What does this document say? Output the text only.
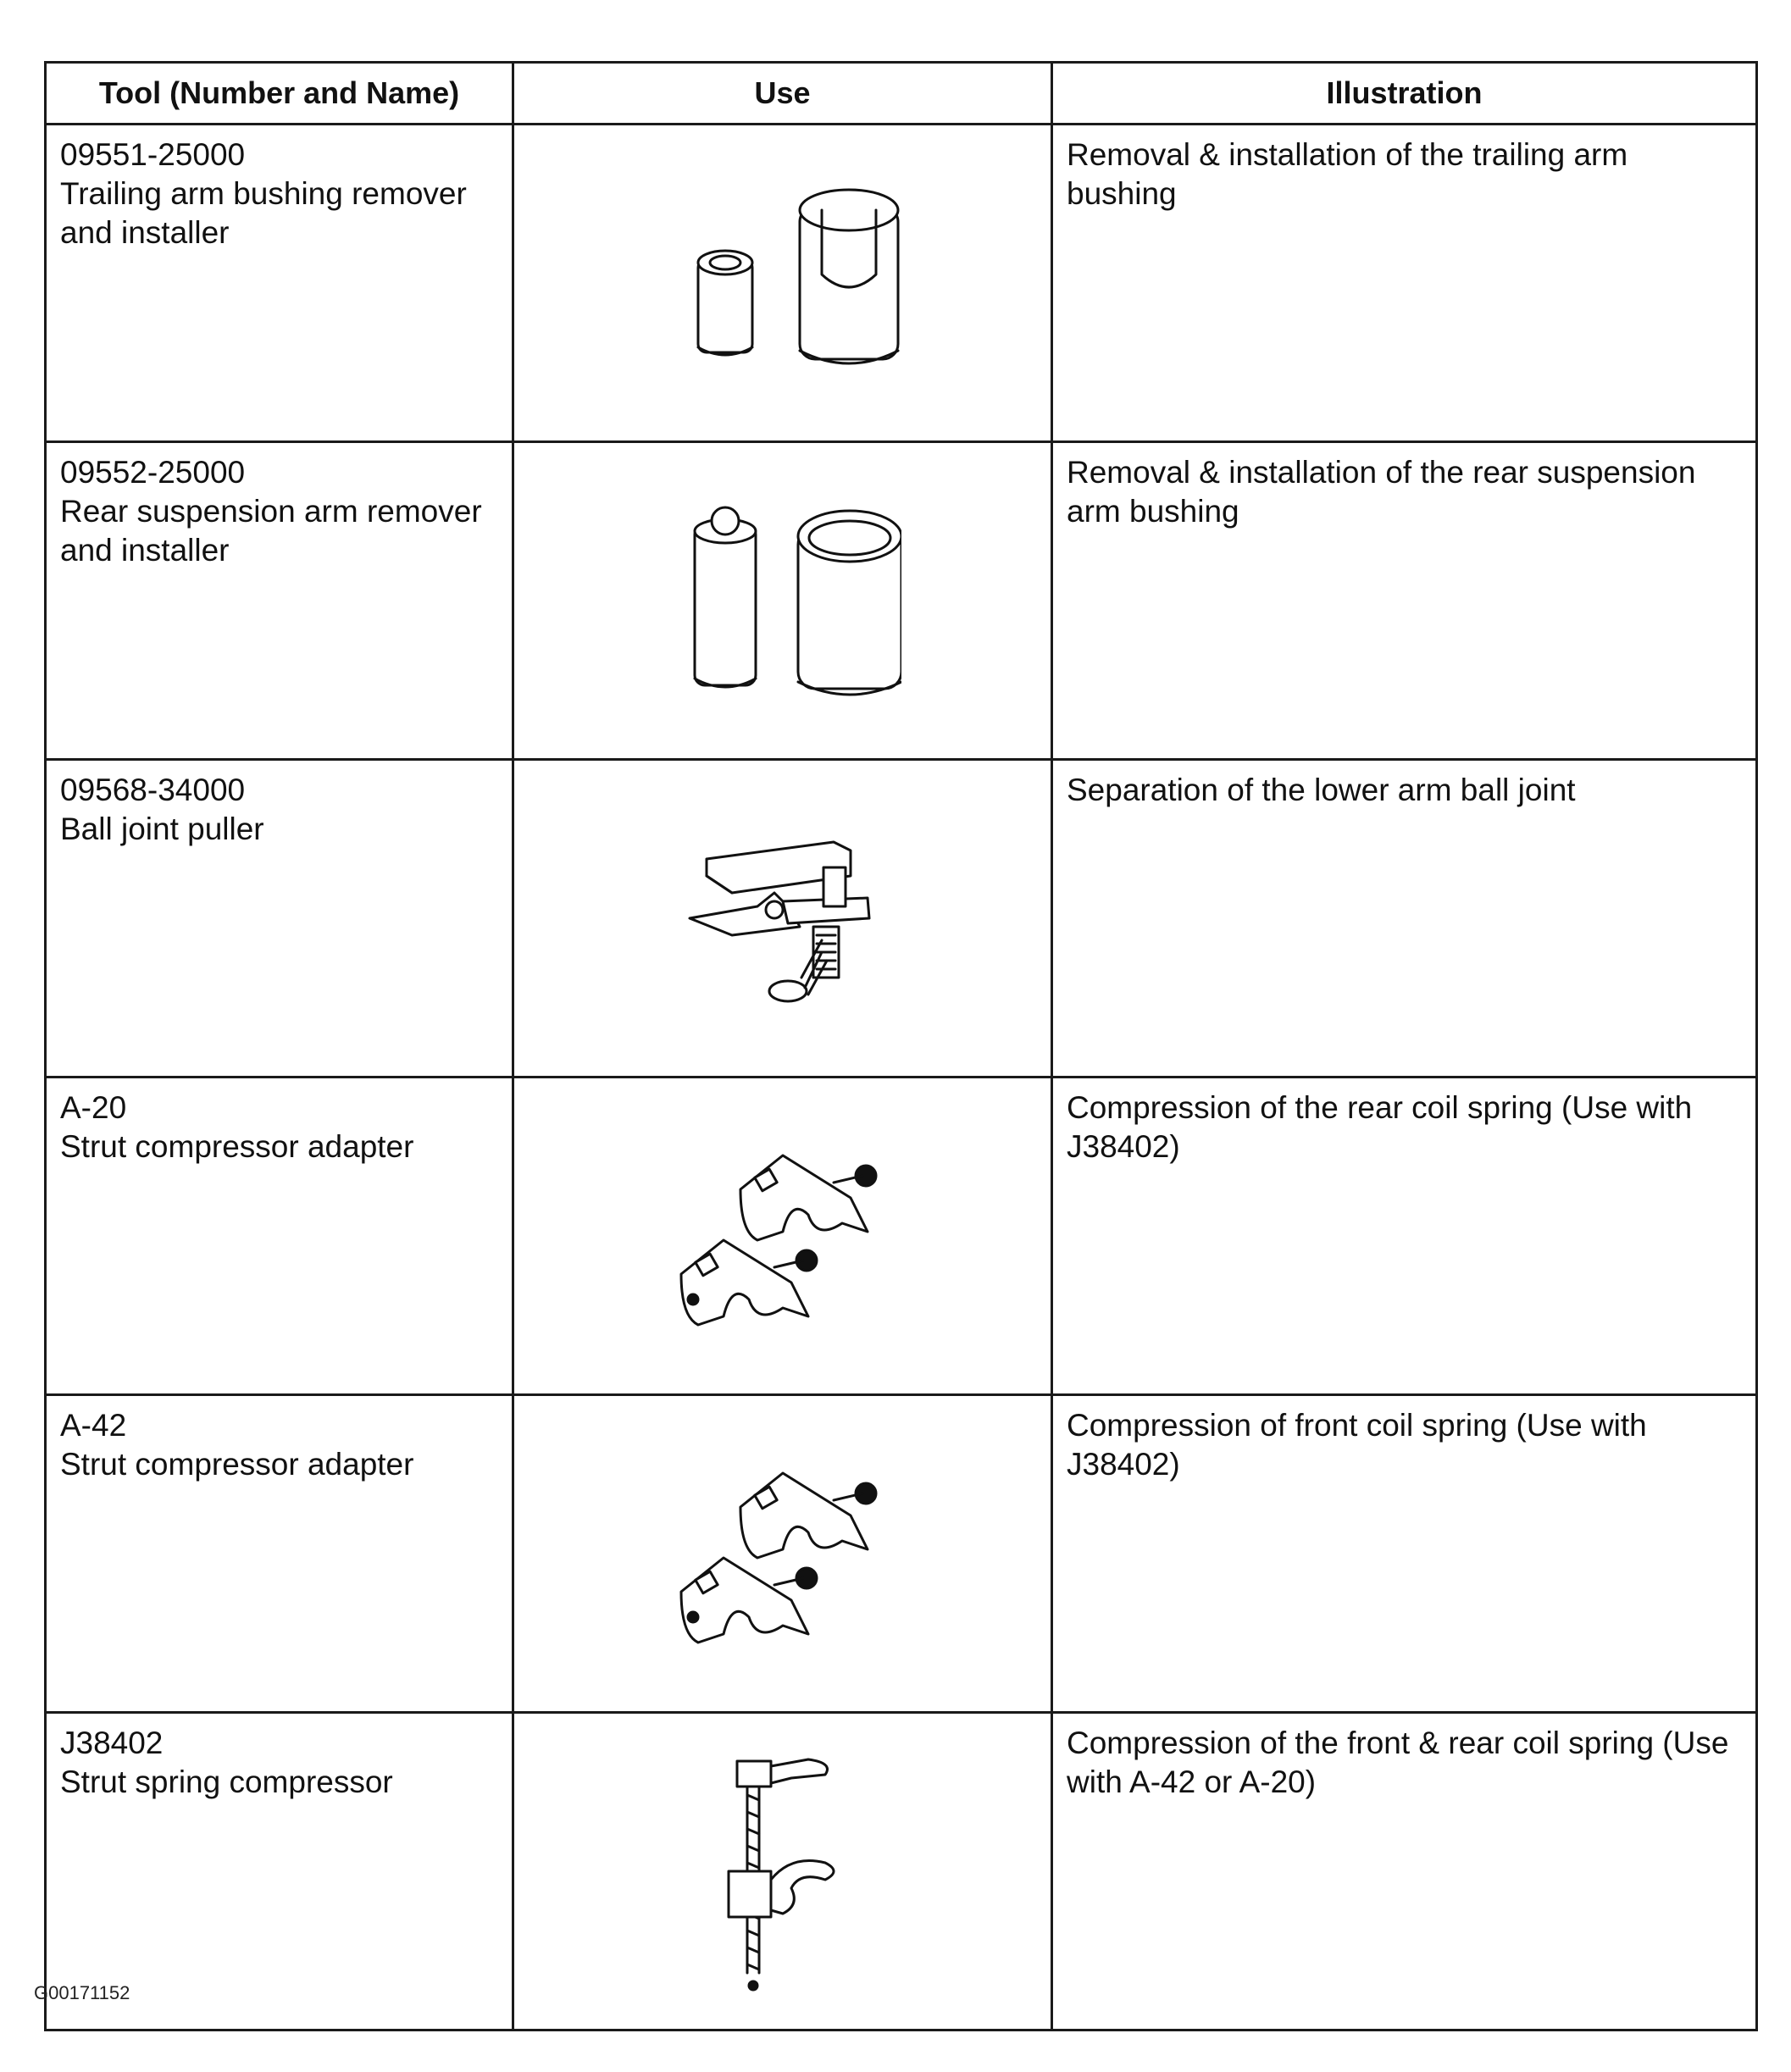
Tool (Number and Name)	Use	Illustration

09551-25000
Trailing arm bushing remover and installer		Removal & installation of the trailing arm bushing

09552-25000
Rear suspension arm remover and installer		Removal & installation of the rear suspension arm bushing

09568-34000
Ball joint puller		Separation of the lower arm ball joint

A-20
Strut compressor adapter		Compression of the rear coil spring (Use with J38402)

A-42
Strut compressor adapter		Compression of front coil spring (Use with J38402)

J38402
Strut spring compressor		Compression of the front & rear coil spring (Use with A-42 or A-20)
G00171152
